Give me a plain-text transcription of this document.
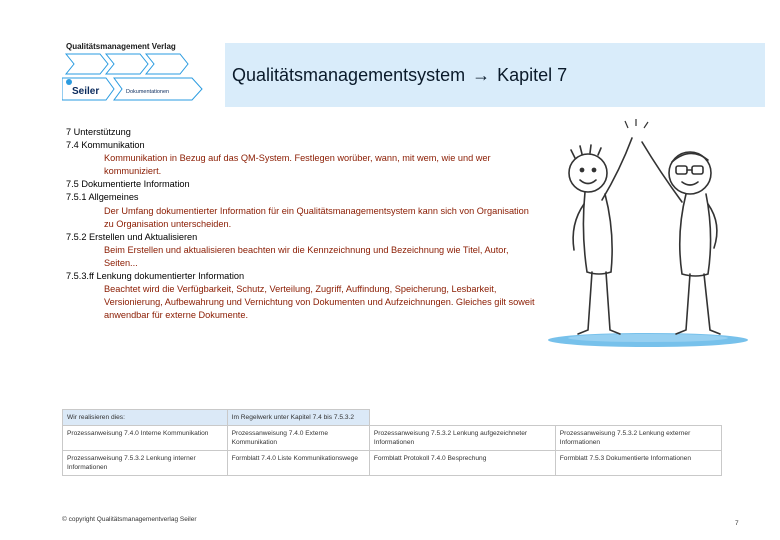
Qualitätsmanagement Verlag
Seiler	Dokumentationen
Qualitätsmanagementsystem → Kapitel 7
7 Unterstützung
7.4 Kommunikation
Kommunikation in Bezug auf das QM-System. Festlegen worüber, wann, mit wem, wie und wer kommuniziert.
7.5 Dokumentierte Information
7.5.1 Allgemeines
Der Umfang dokumentierter Information für ein Qualitätsmanagementsystem kann sich von Organisation zu Organisation unterscheiden.
7.5.2 Erstellen und Aktualisieren
Beim Erstellen und aktualisieren beachten wir die Kennzeichnung und Bezeichnung wie Titel, Autor, Seiten...
7.5.3.ff Lenkung dokumentierter Information
Beachtet wird die Verfügbarkeit, Schutz, Verteilung, Zugriff, Auffindung, Speicherung, Lesbarkeit, Versionierung, Aufbewahrung und Vernichtung von Dokumenten und Aufzeichnungen. Gleiches gilt soweit anwendbar für externe Dokumente.
Wir realisieren dies:	Im Regelwerk unter Kapitel 7.4 bis 7.5.3.2		
Prozessanweisung 7.4.0 Interne Kommunikation	Prozessanweisung 7.4.0 Externe Kommunikation	Prozessanweisung 7.5.3.2 Lenkung aufgezeichneter Informationen	Prozessanweisung 7.5.3.2 Lenkung externer Informationen
Prozessanweisung 7.5.3.2 Lenkung interner Informationen	Formblatt 7.4.0 Liste Kommunikationswege	Formblatt Protokoll 7.4.0 Besprechung	Formblatt 7.5.3 Dokumentierte Informationen
© copyright Qualitätsmanagementverlag Seiler
7
